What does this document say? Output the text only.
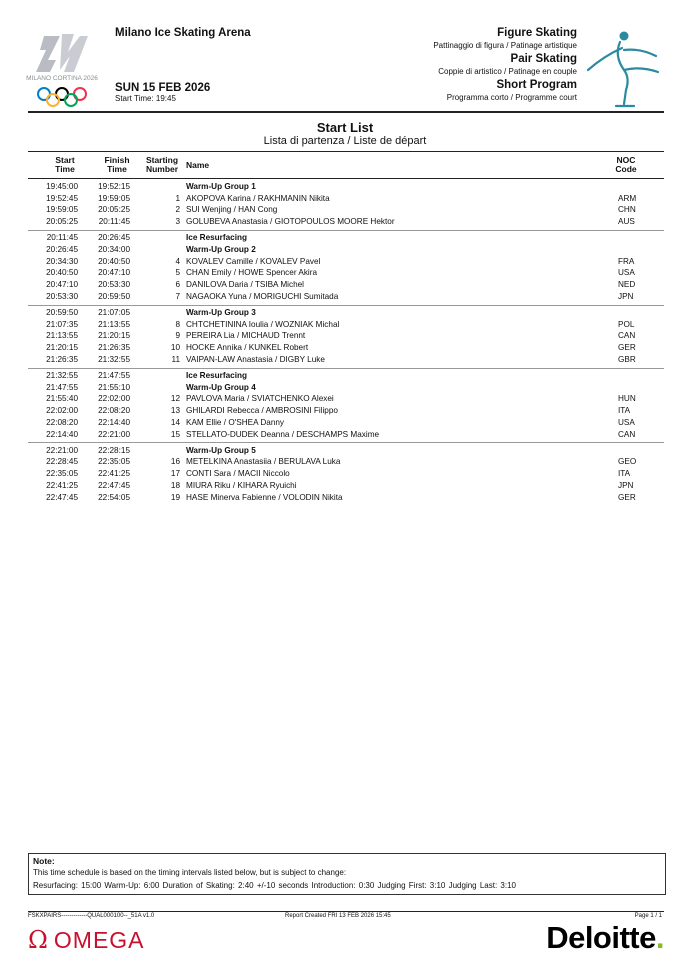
MILANO CORTINA 2026
Milano Ice Skating Arena
SUN 15 FEB 2026
Start Time: 19:45
Figure Skating
Pattinaggio di figura / Patinage artistique
Pair Skating
Coppie di artistico / Patinage en couple
Short Program
Programma corto / Programme court
Start List
Lista di partenza / Liste de départ
Start
Time
Finish
Time
Starting
Number Name	NOC
Code
19:45:00	19:52:15	Warm-Up Group 1
19:52:45	19:59:05	1 AKOPOVA Karina / RAKHMANIN Nikita	ARM
19:59:05	20:05:25	2 SUI Wenjing / HAN Cong	CHN
20:05:25	20:11:45	3 GOLUBEVA Anastasia / GIOTOPOULOS MOORE Hektor	AUS
20:11:45	20:26:45	Ice Resurfacing
20:26:45	20:34:00	Warm-Up Group 2
20:34:30	20:40:50	4 KOVALEV Camille / KOVALEV Pavel	FRA
20:40:50	20:47:10	5 CHAN Emily / HOWE Spencer Akira	USA
20:47:10	20:53:30	6 DANILOVA Daria / TSIBA Michel	NED
20:53:30	20:59:50	7 NAGAOKA Yuna / MORIGUCHI Sumitada	JPN
20:59:50	21:07:05	Warm-Up Group 3
21:07:35	21:13:55	8 CHTCHETININA Ioulia / WOZNIAK Michal	POL
21:13:55	21:20:15	9 PEREIRA Lia / MICHAUD Trennt	CAN
21:20:15	21:26:35	10 HOCKE Annika / KUNKEL Robert	GER
21:26:35	21:32:55	11 VAIPAN-LAW Anastasia / DIGBY Luke	GBR
21:32:55	21:47:55	Ice Resurfacing
21:47:55	21:55:10	Warm-Up Group 4
21:55:40	22:02:00	12 PAVLOVA Maria / SVIATCHENKO Alexei	HUN
22:02:00	22:08:20	13 GHILARDI Rebecca / AMBROSINI Filippo	ITA
22:08:20	22:14:40	14 KAM Ellie / O'SHEA Danny	USA
22:14:40	22:21:00	15 STELLATO-DUDEK Deanna / DESCHAMPS Maxime	CAN
22:21:00	22:28:15	Warm-Up Group 5
22:28:45	22:35:05	16 METELKINA Anastasiia / BERULAVA Luka	GEO
22:35:05	22:41:25	17 CONTI Sara / MACII Niccolo	ITA
22:41:25	22:47:45	18 MIURA Riku / KIHARA Ryuichi	JPN
22:47:45	22:54:05	19 HASE Minerva Fabienne / VOLODIN Nikita	GER
Note:
This time schedule is based on the timing intervals listed below, but is subject to change:
Resurfacing: 15:00 Warm-Up: 6:00 Duration of Skating: 2:40 +/-10 seconds Introduction: 0:30 Judging First: 3:10 Judging Last: 3:10
FSKXPAIRS-------------QUAL000100--_51A v1.0	Report Created FRI 13 FEB 2026 15:45	Page 1 / 1
Ω OMEGA	Deloitte.
